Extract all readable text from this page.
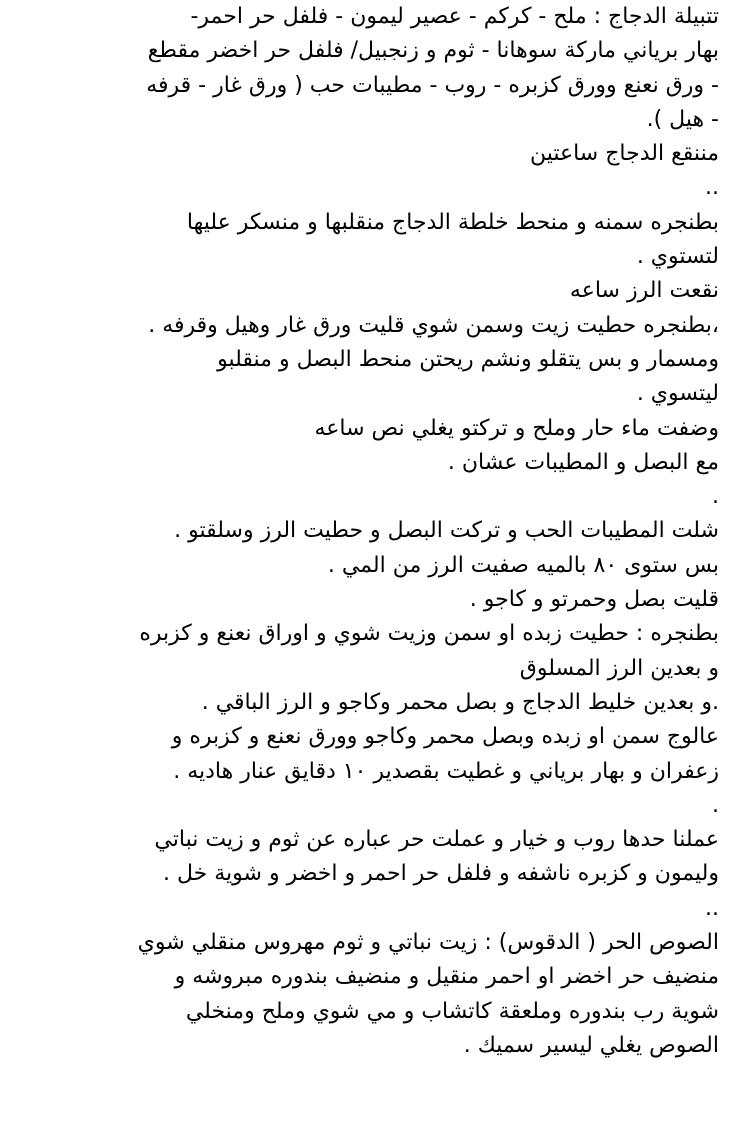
تتبيلة الدجاج : ملح - كركم - عصير ليمون - فلفل حر احمر-
بهار برياني ماركة سوهانا - ثوم و زنجبيل/ فلفل حر اخضر مقطع
- ورق نعنع وورق كزبره - روب - مطيبات حب ( ورق غار - قرفه
- هيل ).
مننقع الدجاج ساعتين
..
بطنجره سمنه و منحط خلطة الدجاج منقلبها و منسكر عليها
لتستوي .
نقعت الرز ساعه
،بطنجره حطيت زيت وسمن شوي قليت ورق غار وهيل وقرفه .
ومسمار و بس يتقلو ونشم ريحتن منحط البصل و منقلبو
ليتسوي .
وضفت ماء حار وملح و تركتو يغلي نص ساعه
مع البصل و المطيبات عشان .
.
شلت المطيبات الحب و تركت البصل و حطيت الرز وسلقتو .
بس ستوى ٨٠ بالميه صفيت الرز من المي .
قليت بصل وحمرتو و كاجو .
بطنجره : حطيت زبده او سمن وزيت شوي و اوراق نعنع و كزبره
و بعدين الرز المسلوق
.و بعدين خليط الدجاج و بصل محمر وكاجو و الرز الباقي .
عالوج سمن او زبده وبصل محمر وكاجو وورق نعنع و كزبره و
زعفران و بهار برياني و غطيت بقصدير ١٠ دقايق عنار هاديه .
.
عملنا حدها روب و خيار و عملت حر عباره عن ثوم و زيت نباتي
وليمون و كزبره ناشفه و فلفل حر احمر و اخضر و شوية خل .
..
الصوص الحر ( الدقوس) : زيت نباتي و ثوم مهروس منقلي شوي
منضيف حر اخضر او احمر منقيل و منضيف بندوره مبروشه و
شوية رب بندوره وملعقة كاتشاب و مي شوي وملح ومنخلي
الصوص يغلي ليسير سميك .
